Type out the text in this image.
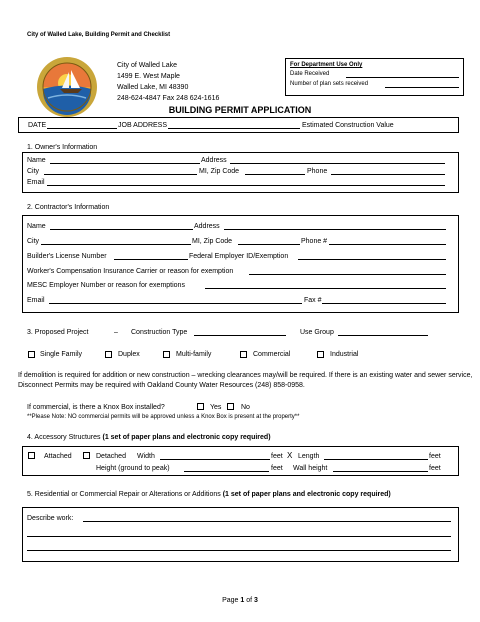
City of Walled Lake, Building Permit and Checklist
City of Walled Lake
1499 E. West Maple
Walled Lake, MI 48390
248-624-4847 Fax 248 624-1616
For Department Use Only
Date Received
Number of plan sets received
BUILDING PERMIT APPLICATION
DATE	JOB ADDRESS	Estimated Construction Value
1. Owner's Information
Name	Address
City	MI, Zip Code	Phone
Email
2. Contractor's Information
Name	Address
City	MI, Zip Code	Phone #
Builder's License Number	Federal Employer ID/Exemption
Worker's Compensation Insurance Carrier or reason for exemption
MESC Employer Number or reason for exemptions
Email	Fax #
3. Proposed Project	– Construction Type	Use Group
Single Family	Duplex	Multi-family	Commercial	Industrial
If demolition is required for addition or new construction – wrecking clearances may/will be required. If there is an existing water and sewer service, Disconnect Permits may be required with Oakland County Water Resources (248) 858-0958.
If commercial, is there a Knox Box installed?	Yes	No
**Please Note: NO commercial permits will be approved unless a Knox Box is present at the property**
4. Accessory Structures (1 set of paper plans and electronic copy required)
Attached	Detached Width	feet X Length	feet
Height (ground to peak)	feet Wall height	feet
5. Residential or Commercial Repair or Alterations or Additions (1 set of paper plans and electronic copy required)
Describe work:
Page 1 of 3
